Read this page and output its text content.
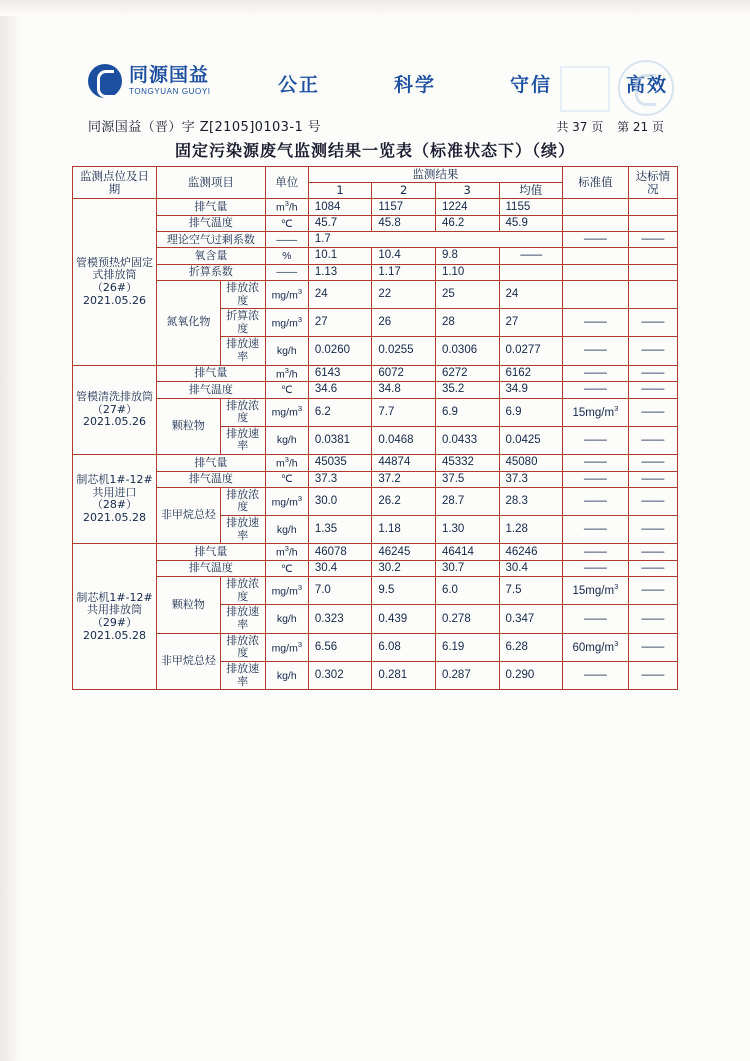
同源国益
TONGYUAN GUOYI	公正	科学	守信	高效
同源国益（晋）字 Z[2105]0103-1 号	共 37 页 第 21 页
固定污染源废气监测结果一览表（标准状态下）（续）
监测点位及日期	监测项目		单位	监测结果				标准值	达标情况
				1	2	3	均值		

管模预热炉固定式排放筒（26#）
2021.05.26	排气量		$m^3/h$	1084	1157	1224	1155		
	排气温度		℃	45.7	45.8	46.2	45.9		
	理论空气过剩系数		——	1.7				——	——
	氧含量		%	10.1	10.4	9.8	——		
	折算系数		——	1.13	1.17	1.10			
	氮氧化物	排放浓度	$mg/m^3$	24	22	25	24		
		折算浓度	$mg/m^3$	27	26	28	27	——	——
		排放速率	kg/h	0.0260	0.0255	0.0306	0.0277	——	——

管模清洗排放筒（27#）
2021.05.26	排气量		$m^3/h$	6143	6072	6272	6162	——	——
	排气温度		℃	34.6	34.8	35.2	34.9	——	——
	颗粒物	排放浓度	$mg/m^3$	6.2	7.7	6.9	6.9	$15mg/m^3$	——
		排放速率	kg/h	0.0381	0.0468	0.0433	0.0425	——	——

制芯机1#-12#共用进口（28#）
2021.05.28	排气量		$m^3/h$	45035	44874	45332	45080	——	——
	排气温度		℃	37.3	37.2	37.5	37.3	——	——
	非甲烷总烃	排放浓度	$mg/m^3$	30.0	26.2	28.7	28.3	——	——
		排放速率	kg/h	1.35	1.18	1.30	1.28	——	——

制芯机1#-12#共用排放筒（29#）
2021.05.28	排气量		$m^3/h$	46078	46245	46414	46246	——	——
	排气温度		℃	30.4	30.2	30.7	30.4	——	——
	颗粒物	排放浓度	$mg/m^3$	7.0	9.5	6.0	7.5	$15mg/m^3$	——
		排放速率	kg/h	0.323	0.439	0.278	0.347	——	——
	非甲烷总烃	排放浓度	$mg/m^3$	6.56	6.08	6.19	6.28	$60mg/m^3$	——
		排放速率	kg/h	0.302	0.281	0.287	0.290	——	——
